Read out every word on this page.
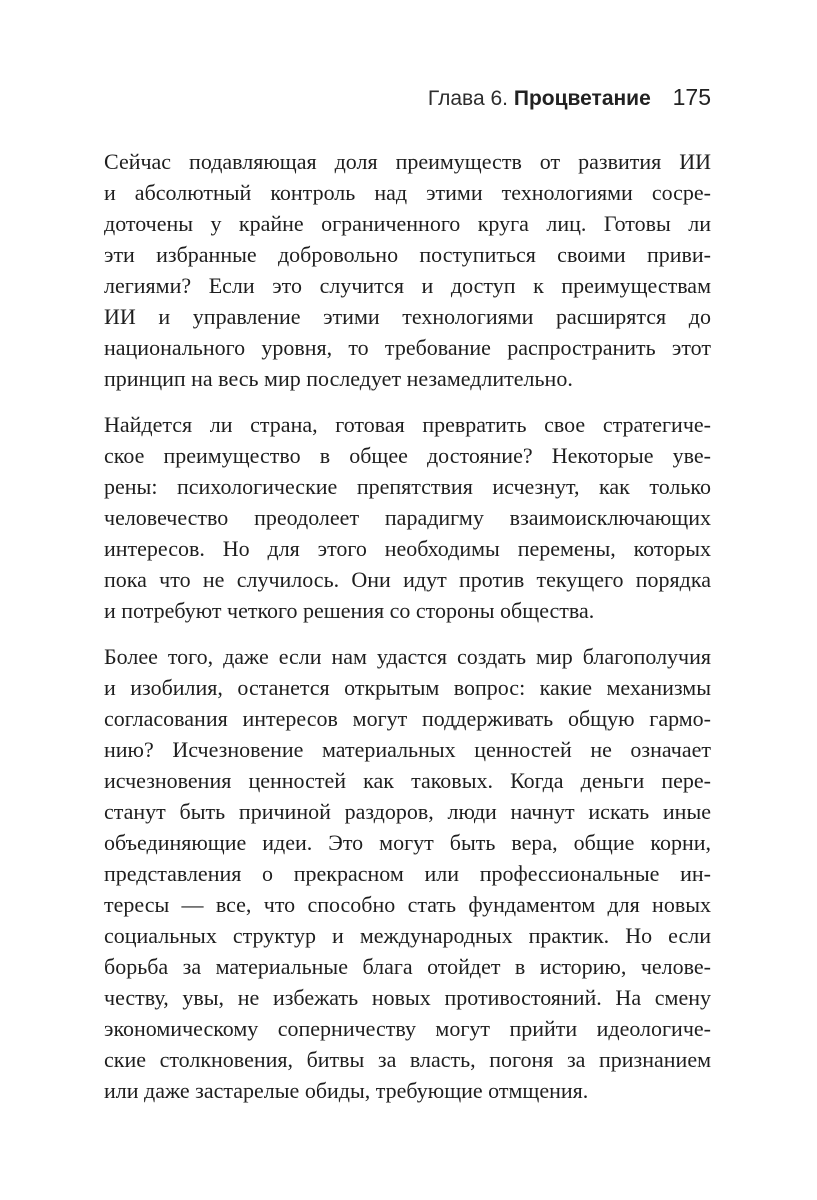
Глава 6. Процветание 175
Сейчас подавляющая доля преимуществ от развития ИИ
и абсолютный контроль над этими технологиями сосре-
доточены у крайне ограниченного круга лиц. Готовы ли
эти избранные добровольно поступиться своими приви-
легиями? Если это случится и доступ к преимуществам
ИИ и управление этими технологиями расширятся до
национального уровня, то требование распространить этот
принцип на весь мир последует незамедлительно.
Найдется ли страна, готовая превратить свое стратегиче-
ское преимущество в общее достояние? Некоторые уве-
рены: психологические препятствия исчезнут, как только
человечество преодолеет парадигму взаимоисключающих
интересов. Но для этого необходимы перемены, которых
пока что не случилось. Они идут против текущего порядка
и потребуют четкого решения со стороны общества.
Более того, даже если нам удастся создать мир благополучия
и изобилия, останется открытым вопрос: какие механизмы
согласования интересов могут поддерживать общую гармо-
нию? Исчезновение материальных ценностей не означает
исчезновения ценностей как таковых. Когда деньги пере-
станут быть причиной раздоров, люди начнут искать иные
объединяющие идеи. Это могут быть вера, общие корни,
представления о прекрасном или профессиональные ин-
тересы — все, что способно стать фундаментом для новых
социальных структур и международных практик. Но если
борьба за материальные блага отойдет в историю, челове-
честву, увы, не избежать новых противостояний. На смену
экономическому соперничеству могут прийти идеологиче-
ские столкновения, битвы за власть, погоня за признанием
или даже застарелые обиды, требующие отмщения.
